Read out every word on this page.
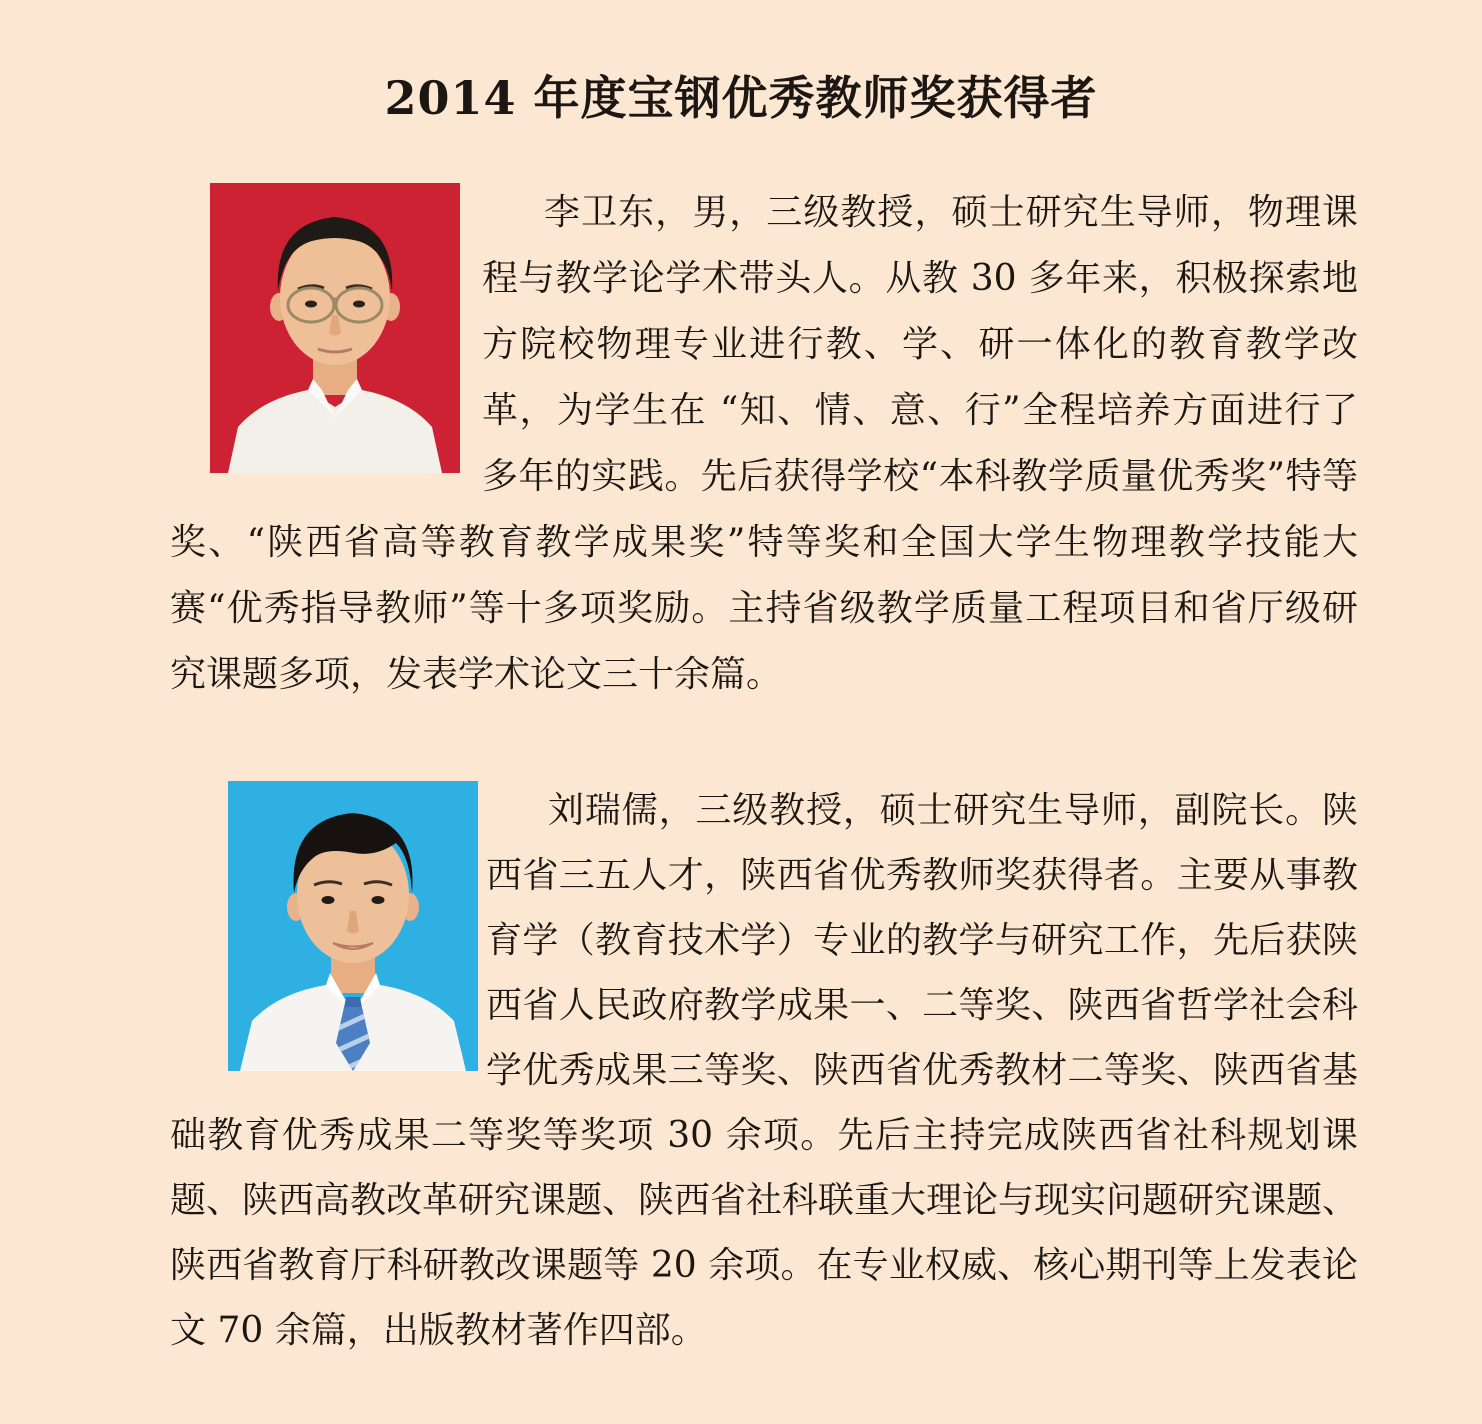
2014 年度宝钢优秀教师奖获得者

李卫东，男，三级教授，硕士研究生导师，物理课程与教学论学术带头人。从教 30 多年来，积极探索地方院校物理专业进行教、学、研一体化的教育教学改革，为学生在 “知、情、意、行”全程培养方面进行了多年的实践。先后获得学校“本科教学质量优秀奖”特等奖、“陕西省高等教育教学成果奖”特等奖和全国大学生物理教学技能大赛“优秀指导教师”等十多项奖励。主持省级教学质量工程项目和省厅级研究课题多项，发表学术论文三十余篇。

刘瑞儒，三级教授，硕士研究生导师，副院长。陕西省三五人才，陕西省优秀教师奖获得者。主要从事教育学（教育技术学）专业的教学与研究工作，先后获陕西省人民政府教学成果一、二等奖、陕西省哲学社会科学优秀成果三等奖、陕西省优秀教材二等奖、陕西省基础教育优秀成果二等奖等奖项 30 余项。先后主持完成陕西省社科规划课题、陕西高教改革研究课题、陕西省社科联重大理论与现实问题研究课题、陕西省教育厅科研教改课题等 20 余项。在专业权威、核心期刊等上发表论文 70 余篇，出版教材著作四部。
